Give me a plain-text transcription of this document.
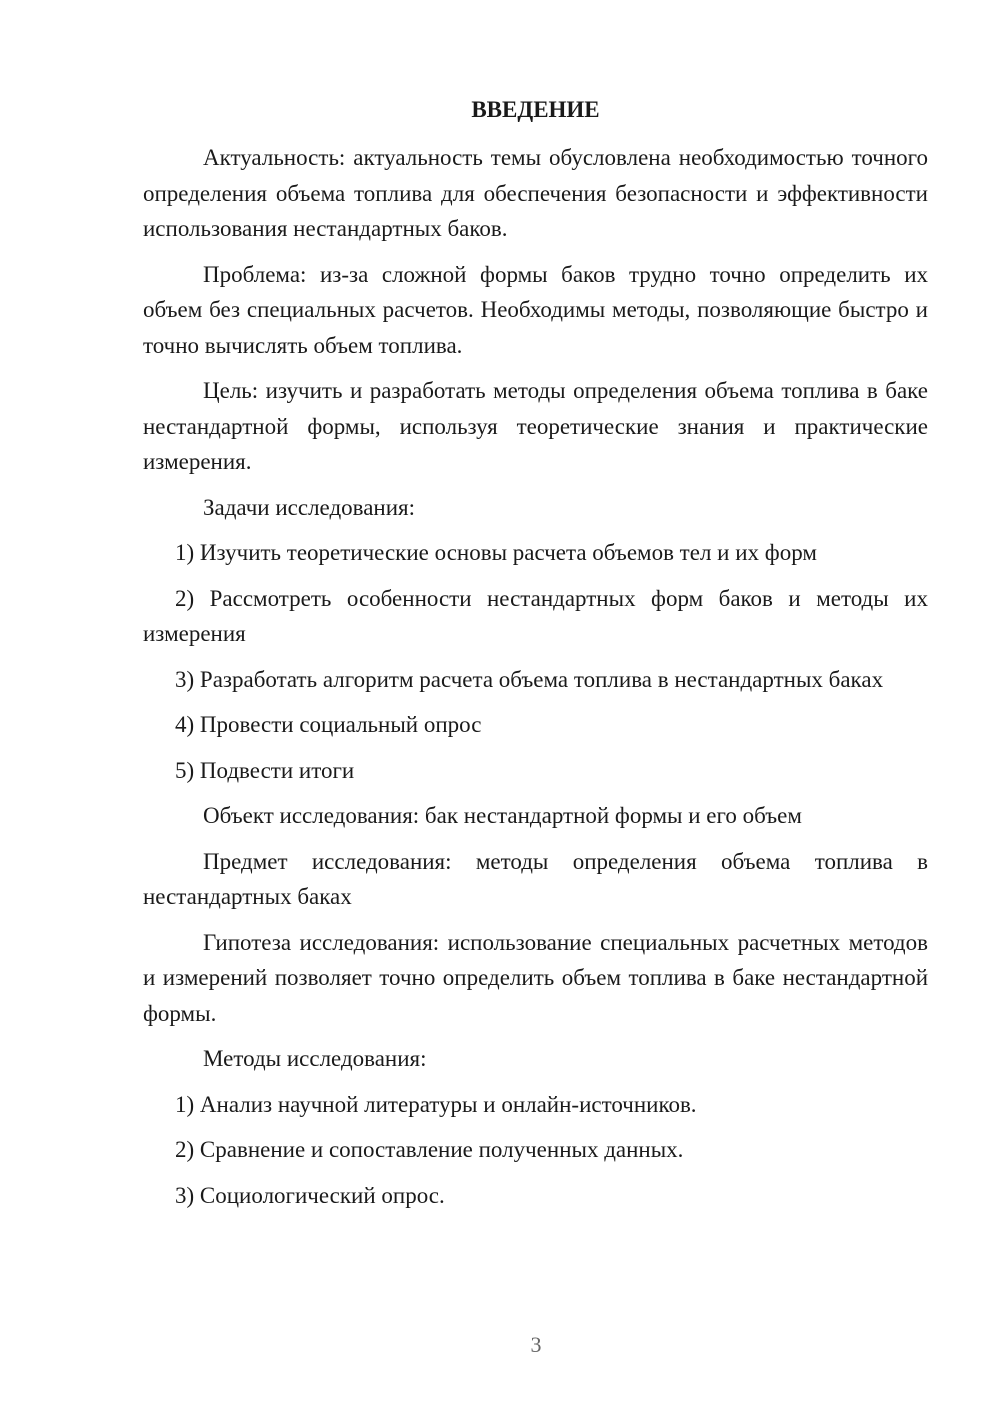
ВВЕДЕНИЕ

Актуальность: актуальность темы обусловлена необходимостью точного определения объема топлива для обеспечения безопасности и эффективности использования нестандартных баков.

Проблема: из-за сложной формы баков трудно точно определить их объем без специальных расчетов. Необходимы методы, позволяющие быстро и точно вычислять объем топлива.

Цель: изучить и разработать методы определения объема топлива в баке нестандартной формы, используя теоретические знания и практические измерения.

Задачи исследования:

1) Изучить теоретические основы расчета объемов тел и их форм

2) Рассмотреть особенности нестандартных форм баков и методы их измерения

3) Разработать алгоритм расчета объема топлива в нестандартных баках

4) Провести социальный опрос

5) Подвести итоги

Объект исследования: бак нестандартной формы и его объем

Предмет исследования: методы определения объема топлива в нестандартных баках

Гипотеза исследования: использование специальных расчетных методов и измерений позволяет точно определить объем топлива в баке нестандартной формы.

Методы исследования:

1) Анализ научной литературы и онлайн-источников.

2) Сравнение и сопоставление полученных данных.

3) Социологический опрос.

3
